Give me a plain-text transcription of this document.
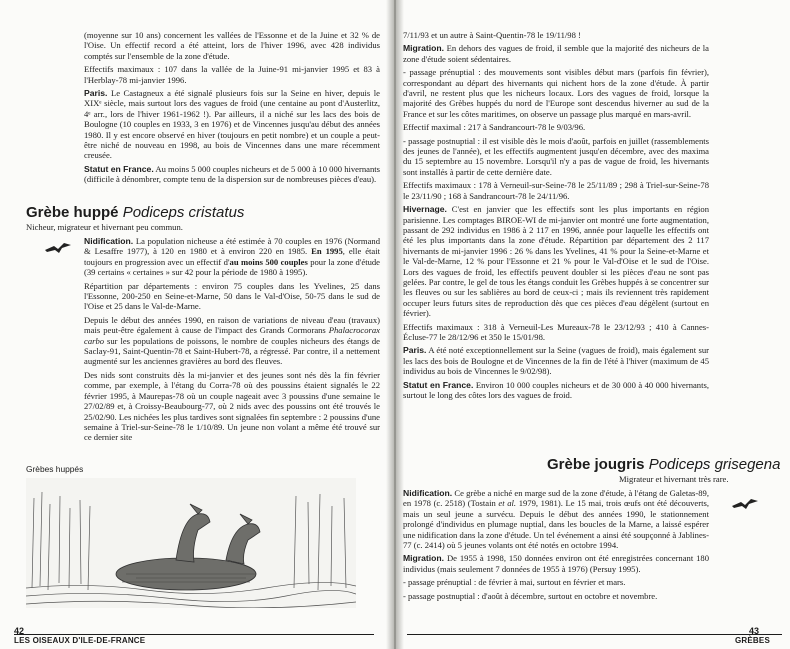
(moyenne sur 10 ans) concernent les vallées de l'Essonne et de la Juine et 32 % de l'Oise. Un effectif record a été atteint, lors de l'hiver 1996, avec 428 individus comptés sur l'ensemble de la zone d'étude.

Effectifs maximaux : 107 dans la vallée de la Juine-91 mi-janvier 1995 et 83 à l'Herblay-78 mi-janvier 1996.

Paris. Le Castagneux a été signalé plusieurs fois sur la Seine en hiver, depuis le XIXᵉ siècle, mais surtout lors des vagues de froid (une centaine au pont d'Austerlitz, 4ᵉ arr., lors de l'hiver 1961-1962 !). Par ailleurs, il a niché sur les lacs des bois de Boulogne (10 couples en 1933, 3 en 1976) et de Vincennes jusqu'au début des années 1980. Il y est encore observé en hiver (toujours en petit nombre) et un couple a peut-être niché de nouveau en 1998, au bois de Vincennes dans une mare récemment creusée.

Statut en France. Au moins 5 000 couples nicheurs et de 5 000 à 10 000 hivernants (difficile à dénombrer, compte tenu de la dispersion sur de nombreuses pièces d'eau).

Grèbe huppé Podiceps cristatus
Nicheur, migrateur et hivernant peu commun.

Nidification. La population nicheuse a été estimée à 70 couples en 1976 (Normand & Lesaffre 1977), à 120 en 1980 et à environ 220 en 1985. En 1995, elle était toujours en progression avec un effectif d'au moins 500 couples pour la zone d'étude (39 certains « certaines » sur 42 pour la période de 1980 à 1995).

Répartition par départements : environ 75 couples dans les Yvelines, 25 dans l'Essonne, 200-250 en Seine-et-Marne, 50 dans le Val-d'Oise, 50-75 dans le sud de l'Oise et 25 dans le Val-de-Marne.

Depuis le début des années 1990, en raison de variations de niveau d'eau (travaux) mais peut-être également à cause de l'impact des Grands Cormorans Phalacrocorax carbo sur les populations de poissons, le nombre de couples nicheurs des étangs de Saclay-91, Saint-Quentin-78 et Saint-Hubert-78, a régressé. Par contre, il a nettement augmenté sur les anciennes gravières au bord des fleuves.

Des nids sont construits dès la mi-janvier et des jeunes sont nés dès la fin février comme, par exemple, à l'étang du Corra-78 où des poussins étaient signalés le 22 février 1995, à Maurepas-78 où un couple nageait avec 3 poussins d'une semaine le 27/02/89 et, à Croissy-Beaubourg-77, où 2 nids avec des poussins ont été trouvés le 25/02/90. Les nichées les plus tardives sont signalées fin septembre : 2 poussins d'une semaine à Triel-sur-Seine-78 le 1/10/89. Un jeune non volant a même été trouvé sur ce dernier site

Grèbes huppés
42
LES OISEAUX D'ILE-DE-FRANCE

7/11/93 et un autre à Saint-Quentin-78 le 19/11/98 !

Migration. En dehors des vagues de froid, il semble que la majorité des nicheurs de la zone d'étude soient sédentaires.

- passage prénuptial : des mouvements sont visibles début mars (parfois fin février), correspondant au départ des hivernants qui nichent hors de la zone d'étude. À partir d'avril, ne restent plus que les nicheurs locaux. Lors des vagues de froid, lorsque la majorité des Grèbes huppés du nord de l'Europe sont descendus hiverner au sud de la France et sur les côtes maritimes, on observe un passage plus marqué en mars-avril.

Effectif maximal : 217 à Sandrancourt-78 le 9/03/96.

- passage postnuptial : il est visible dès le mois d'août, parfois en juillet (rassemblements des jeunes de l'année), et les effectifs augmentent jusqu'en décembre, avec des maxima du 15 septembre au 15 novembre. Lorsqu'il n'y a pas de vague de froid, les hivernants sont installés à partir de cette dernière date.

Effectifs maximaux : 178 à Verneuil-sur-Seine-78 le 25/11/89 ; 298 à Triel-sur-Seine-78 le 23/11/90 ; 168 à Sandrancourt-78 le 24/11/96.

Hivernage. C'est en janvier que les effectifs sont les plus importants en région parisienne. Les comptages BIROE-WI de mi-janvier ont montré une forte augmentation, passant de 292 individus en 1986 à 2 117 en 1996, année pour laquelle les effectifs ont été les plus importants dans la zone d'étude. Répartition par département des 2 117 hivernants de mi-janvier 1996 : 26 % dans les Yvelines, 41 % pour la Seine-et-Marne et le Val-de-Marne, 12 % pour l'Essonne et 21 % pour le Val-d'Oise et le sud de l'Oise. Lors des vagues de froid, les effectifs peuvent doubler si les pièces d'eau ne sont pas gelées. Par contre, le gel de tous les étangs conduit les Grèbes huppés à se concentrer sur les fleuves ou sur les sablières au bord de ceux-ci ; mais ils reviennent très rapidement occuper leurs futurs sites de reproduction dès que ces pièces d'eau dégèlent (surtout en février).

Effectifs maximaux : 318 à Verneuil-Les Mureaux-78 le 23/12/93 ; 410 à Cannes-Écluse-77 le 28/12/96 et 350 le 15/01/98.

Paris. A été noté exceptionnellement sur la Seine (vagues de froid), mais également sur les lacs des bois de Boulogne et de Vincennes de la fin de l'été à l'hiver (maximum de 45 individus au bois de Vincennes le 9/02/98).

Statut en France. Environ 10 000 couples nicheurs et de 30 000 à 40 000 hivernants, surtout le long des côtes lors des vagues de froid.

Grèbe jougris Podiceps grisegena
Migrateur et hivernant très rare.

Nidification. Ce grèbe a niché en marge sud de la zone d'étude, à l'étang de Galetas-89, en 1978 (c. 2518) (Tostain et al. 1979, 1981). Le 15 mai, trois œufs ont été découverts, mais un seul jeune a survécu. Depuis le début des années 1990, le stationnement prolongé d'individus en plumage nuptial, dans les boucles de la Marne, a laissé espérer une nidification dans la zone d'étude. Un tel événement a ainsi été soupçonné à Jablines-77 (c. 2414) où 5 jeunes volants ont été notés en octobre 1994.

Migration. De 1955 à 1998, 150 données environ ont été enregistrées concernant 180 individus (mais seulement 7 données de 1955 à 1976) (Persuy 1995).

- passage prénuptial : de février à mai, surtout en février et mars.

- passage postnuptial : d'août à décembre, surtout en octobre et novembre.

43
GRÈBES
